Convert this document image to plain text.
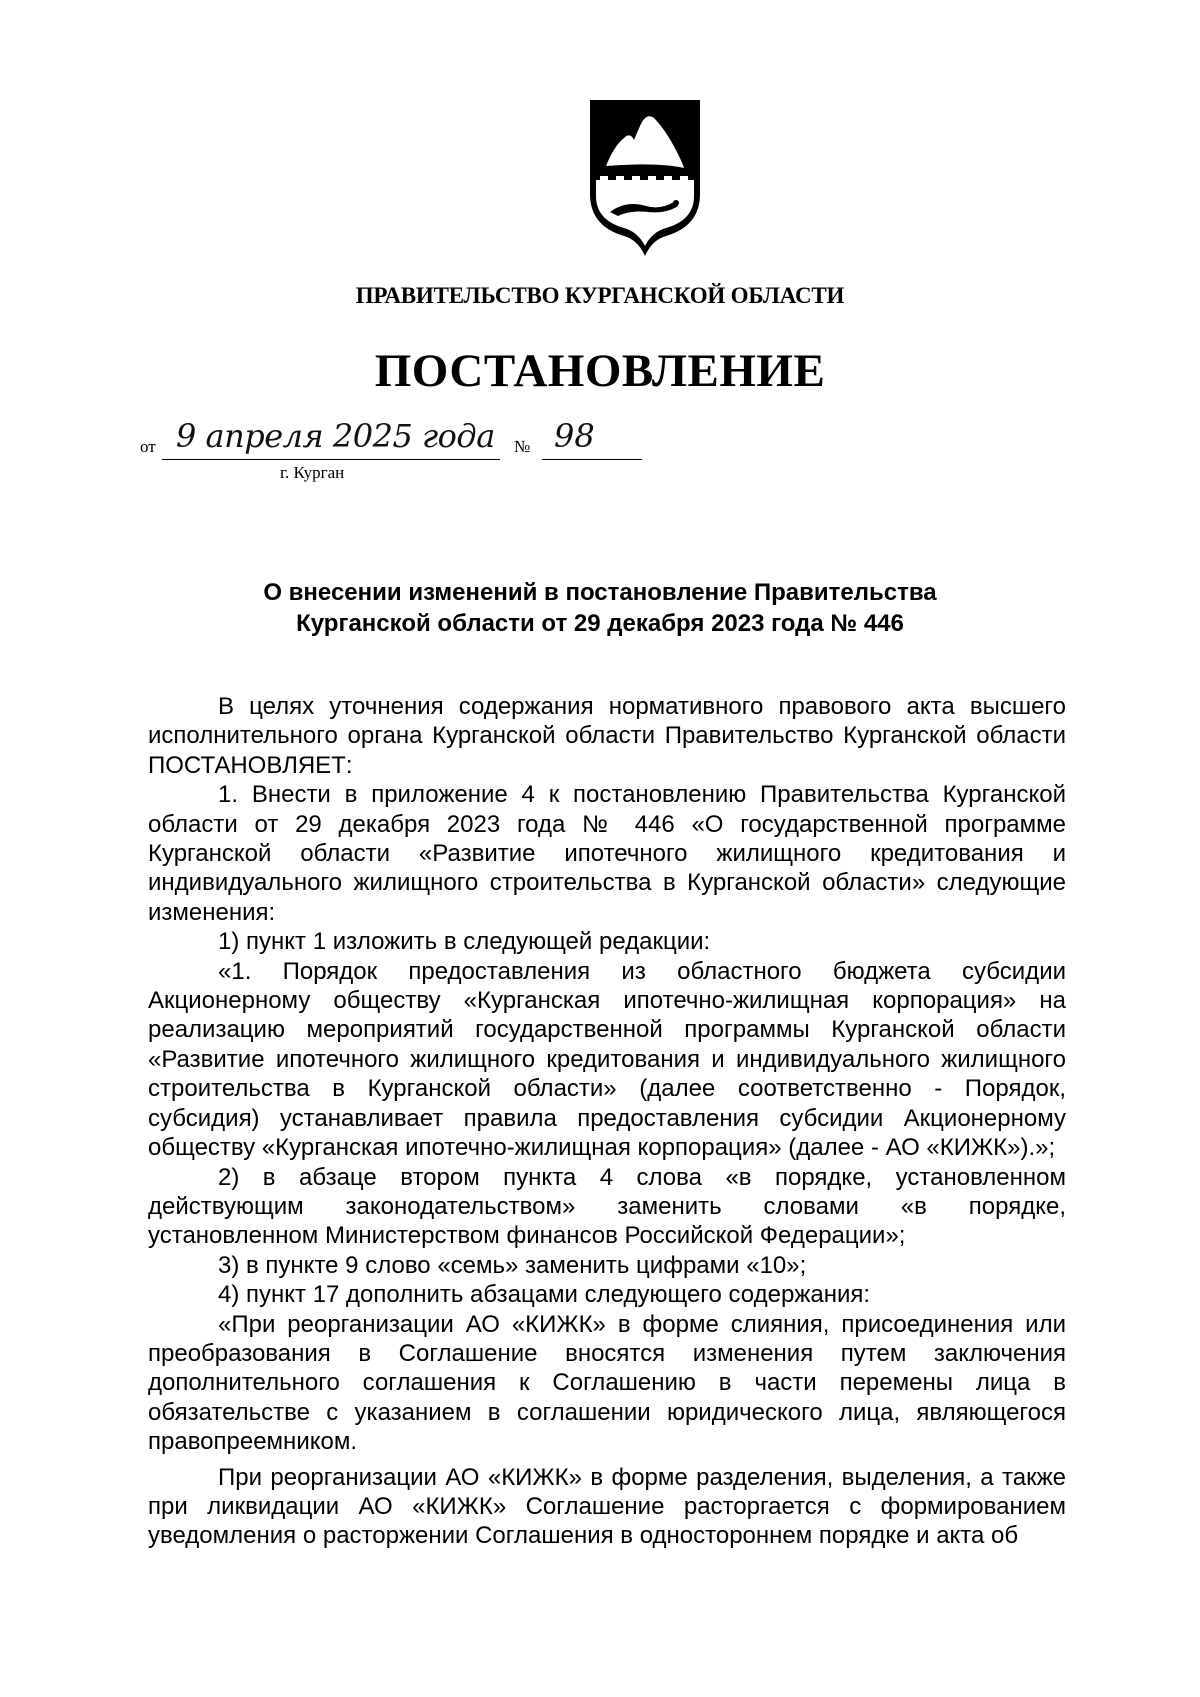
ПРАВИТЕЛЬСТВО КУРГАНСКОЙ ОБЛАСТИ
ПОСТАНОВЛЕНИЕ
от 9 апреля 2025 года № 98
г. Курган
О внесении изменений в постановление Правительства
Курганской области от 29 декабря 2023 года № 446

В целях уточнения содержания нормативного правового акта высшего исполнительного органа Курганской области Правительство Курганской области ПОСТАНОВЛЯЕТ:

1. Внести в приложение 4 к постановлению Правительства Курганской области от 29 декабря 2023 года № 446 «О государственной программе Курганской области «Развитие ипотечного жилищного кредитования и индивидуального жилищного строительства в Курганской области» следующие изменения:

1) пункт 1 изложить в следующей редакции:

«1. Порядок предоставления из областного бюджета субсидии Акционерному обществу «Курганская ипотечно-жилищная корпорация» на реализацию мероприятий государственной программы Курганской области «Развитие ипотечного жилищного кредитования и индивидуального жилищного строительства в Курганской области» (далее соответственно - Порядок, субсидия) устанавливает правила предоставления субсидии Акционерному обществу «Курганская ипотечно-жилищная корпорация» (далее - АО «КИЖК»).»;

2) в абзаце втором пункта 4 слова «в порядке, установленном действующим законодательством» заменить словами «в порядке, установленном Министерством финансов Российской Федерации»;

3) в пункте 9 слово «семь» заменить цифрами «10»;

4) пункт 17 дополнить абзацами следующего содержания:

«При реорганизации АО «КИЖК» в форме слияния, присоединения или преобразования в Соглашение вносятся изменения путем заключения дополнительного соглашения к Соглашению в части перемены лица в обязательстве с указанием в соглашении юридического лица, являющегося правопреемником.

При реорганизации АО «КИЖК» в форме разделения, выделения, а также при ликвидации АО «КИЖК» Соглашение расторгается с формированием уведомления о расторжении Соглашения в одностороннем порядке и акта об
